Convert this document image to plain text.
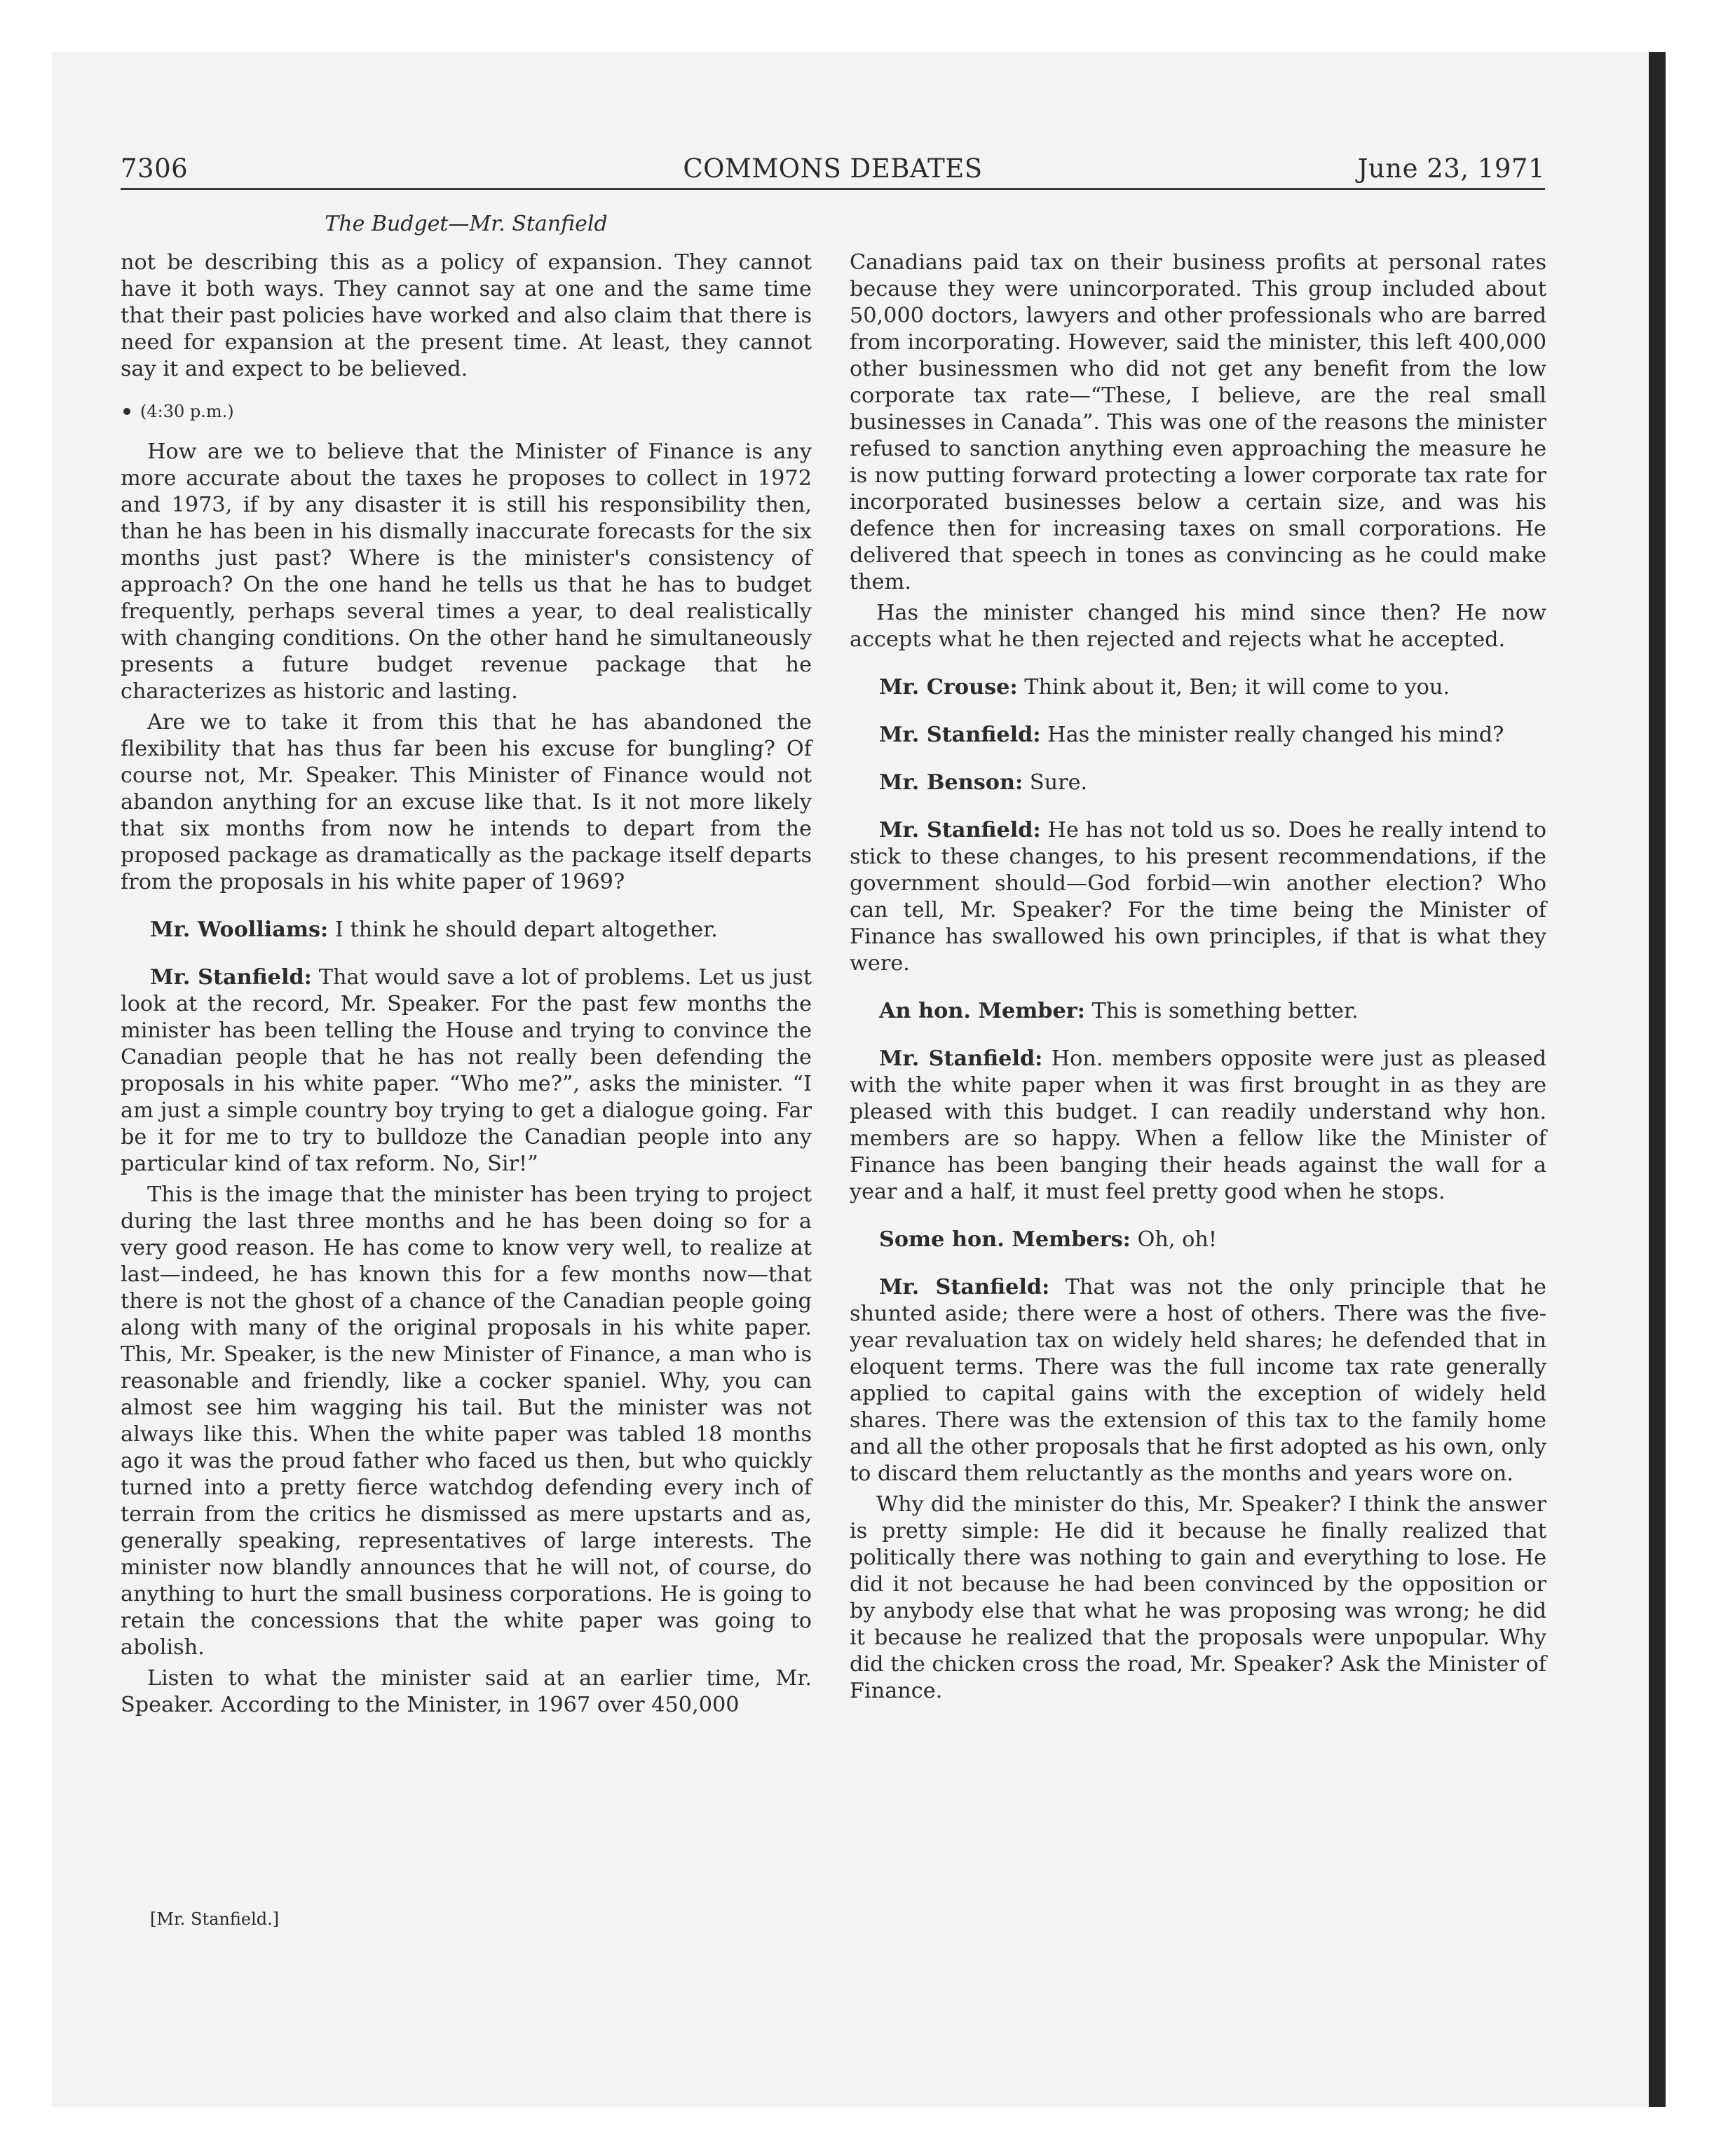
7306	COMMONS DEBATES	June 23, 1971
The Budget—Mr. Stanfield

not be describing this as a policy of expansion. They cannot have it both ways. They cannot say at one and the same time that their past policies have worked and also claim that there is need for expansion at the present time. At least, they cannot say it and expect to be believed.

(4:30 p.m.)

How are we to believe that the Minister of Finance is any more accurate about the taxes he proposes to collect in 1972 and 1973, if by any disaster it is still his responsibility then, than he has been in his dismally inaccurate forecasts for the six months just past? Where is the minister's consistency of approach? On the one hand he tells us that he has to budget frequently, perhaps several times a year, to deal realistically with changing conditions. On the other hand he simultaneously presents a future budget revenue package that he characterizes as historic and lasting.

Are we to take it from this that he has abandoned the flexibility that has thus far been his excuse for bungling? Of course not, Mr. Speaker. This Minister of Finance would not abandon anything for an excuse like that. Is it not more likely that six months from now he intends to depart from the proposed package as dramatically as the package itself departs from the proposals in his white paper of 1969?

Mr. Woolliams: I think he should depart altogether.

Mr. Stanfield: That would save a lot of problems. Let us just look at the record, Mr. Speaker. For the past few months the minister has been telling the House and trying to convince the Canadian people that he has not really been defending the proposals in his white paper. “Who me?”, asks the minister. “I am just a simple country boy trying to get a dialogue going. Far be it for me to try to bulldoze the Canadian people into any particular kind of tax reform. No, Sir!”

This is the image that the minister has been trying to project during the last three months and he has been doing so for a very good reason. He has come to know very well, to realize at last—indeed, he has known this for a few months now—that there is not the ghost of a chance of the Canadian people going along with many of the original proposals in his white paper. This, Mr. Speaker, is the new Minister of Finance, a man who is reasonable and friendly, like a cocker spaniel. Why, you can almost see him wagging his tail. But the minister was not always like this. When the white paper was tabled 18 months ago it was the proud father who faced us then, but who quickly turned into a pretty fierce watchdog defending every inch of terrain from the critics he dismissed as mere upstarts and as, generally speaking, representatives of large interests. The minister now blandly announces that he will not, of course, do anything to hurt the small business corporations. He is going to retain the concessions that the white paper was going to abolish.

Listen to what the minister said at an earlier time, Mr. Speaker. According to the Minister, in 1967 over 450,000

[Mr. Stanfield.]

Canadians paid tax on their business profits at personal rates because they were unincorporated. This group included about 50,000 doctors, lawyers and other professionals who are barred from incorporating. However, said the minister, this left 400,000 other businessmen who did not get any benefit from the low corporate tax rate—“These, I believe, are the real small businesses in Canada”. This was one of the reasons the minister refused to sanction anything even approaching the measure he is now putting forward protecting a lower corporate tax rate for incorporated businesses below a certain size, and was his defence then for increasing taxes on small corporations. He delivered that speech in tones as convincing as he could make them.

Has the minister changed his mind since then? He now accepts what he then rejected and rejects what he accepted.

Mr. Crouse: Think about it, Ben; it will come to you.

Mr. Stanfield: Has the minister really changed his mind?

Mr. Benson: Sure.

Mr. Stanfield: He has not told us so. Does he really intend to stick to these changes, to his present recommendations, if the government should—God forbid—win another election? Who can tell, Mr. Speaker? For the time being the Minister of Finance has swallowed his own principles, if that is what they were.

An hon. Member: This is something better.

Mr. Stanfield: Hon. members opposite were just as pleased with the white paper when it was first brought in as they are pleased with this budget. I can readily understand why hon. members are so happy. When a fellow like the Minister of Finance has been banging their heads against the wall for a year and a half, it must feel pretty good when he stops.

Some hon. Members: Oh, oh!

Mr. Stanfield: That was not the only principle that he shunted aside; there were a host of others. There was the five-year revaluation tax on widely held shares; he defended that in eloquent terms. There was the full income tax rate generally applied to capital gains with the exception of widely held shares. There was the extension of this tax to the family home and all the other proposals that he first adopted as his own, only to discard them reluctantly as the months and years wore on.

Why did the minister do this, Mr. Speaker? I think the answer is pretty simple: He did it because he finally realized that politically there was nothing to gain and everything to lose. He did it not because he had been convinced by the opposition or by anybody else that what he was proposing was wrong; he did it because he realized that the proposals were unpopular. Why did the chicken cross the road, Mr. Speaker? Ask the Minister of Finance.
